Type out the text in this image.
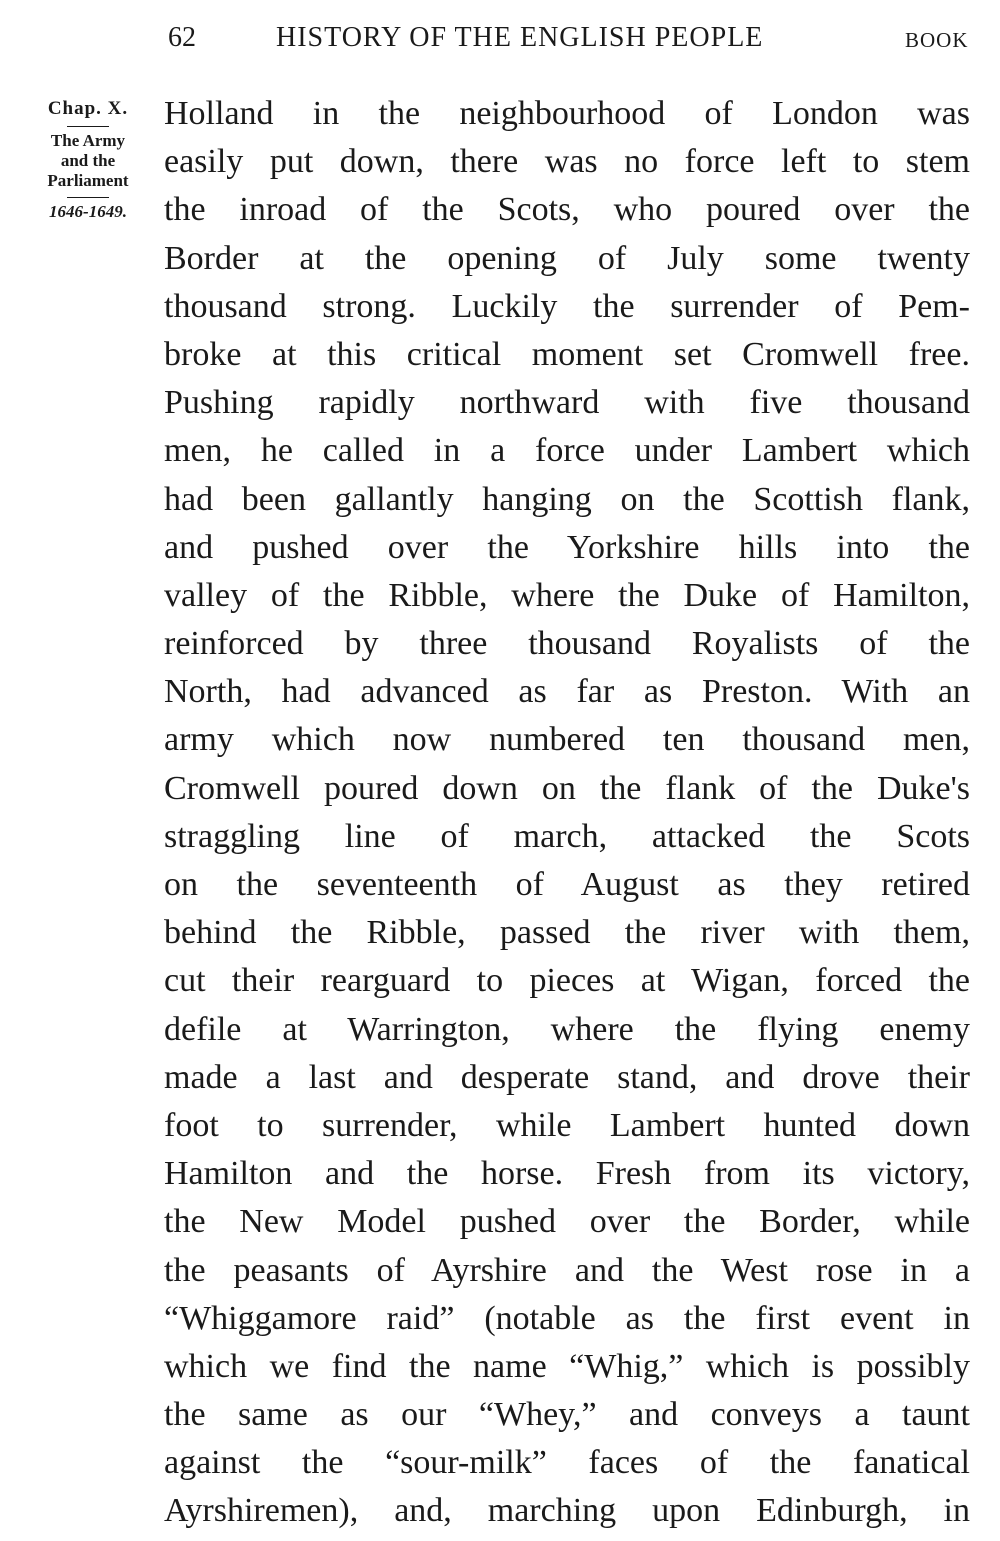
62	HISTORY OF THE ENGLISH PEOPLE	BOOK
Chap. X.
The Army
and the
Parliament
1646-1649.
Holland in the neighbourhood of London was
easily put down, there was no force left to stem
the inroad of the Scots, who poured over the
Border at the opening of July some twenty
thousand strong. Luckily the surrender of Pem-
broke at this critical moment set Cromwell free.
Pushing rapidly northward with five thousand
men, he called in a force under Lambert which
had been gallantly hanging on the Scottish flank,
and pushed over the Yorkshire hills into the
valley of the Ribble, where the Duke of Hamilton,
reinforced by three thousand Royalists of the
North, had advanced as far as Preston. With an
army which now numbered ten thousand men,
Cromwell poured down on the flank of the Duke's
straggling line of march, attacked the Scots
on the seventeenth of August as they retired
behind the Ribble, passed the river with them,
cut their rearguard to pieces at Wigan, forced the
defile at Warrington, where the flying enemy
made a last and desperate stand, and drove their
foot to surrender, while Lambert hunted down
Hamilton and the horse. Fresh from its victory,
the New Model pushed over the Border, while
the peasants of Ayrshire and the West rose in a
“Whiggamore raid” (notable as the first event in
which we find the name “Whig,” which is possibly
the same as our “Whey,” and conveys a taunt
against the “sour-milk” faces of the fanatical
Ayrshiremen), and, marching upon Edinburgh, in
